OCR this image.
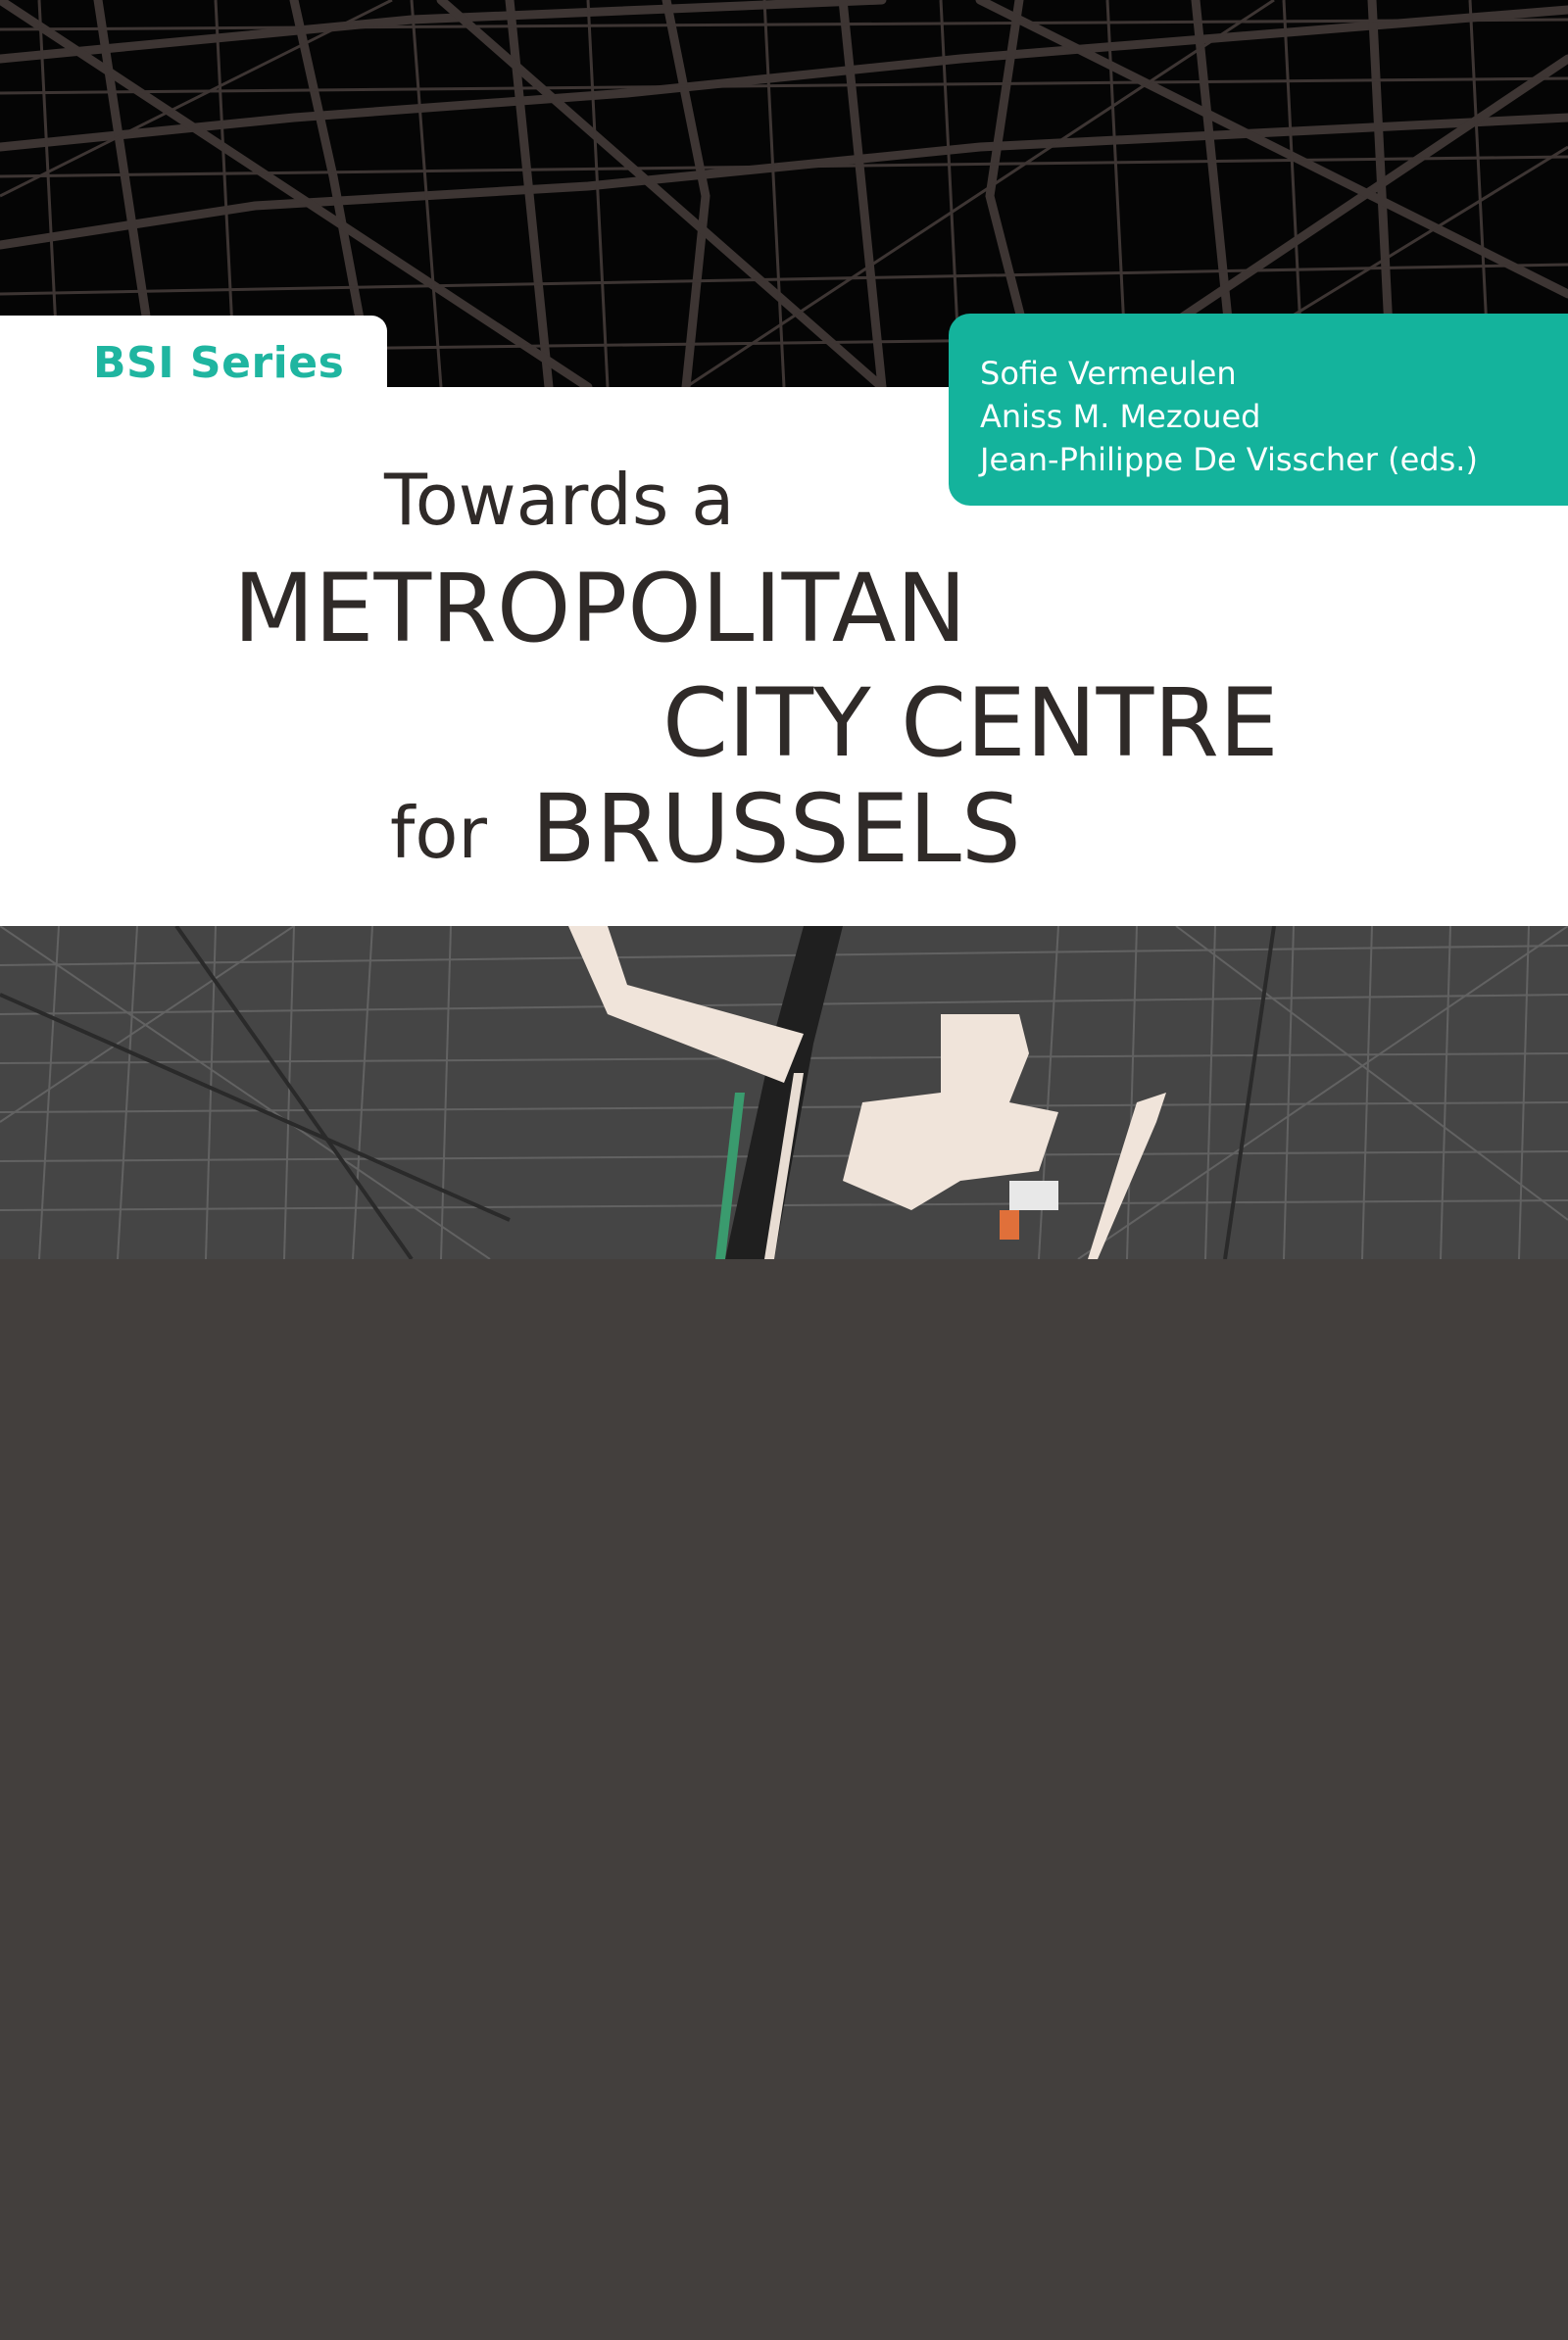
BSI Series	Sofie Vermeulen
Aniss M. Mezoued
Jean-Philippe De Visscher (eds.)
Towards a
METROPOLITAN
CITY CENTRE
for BRUSSELS
